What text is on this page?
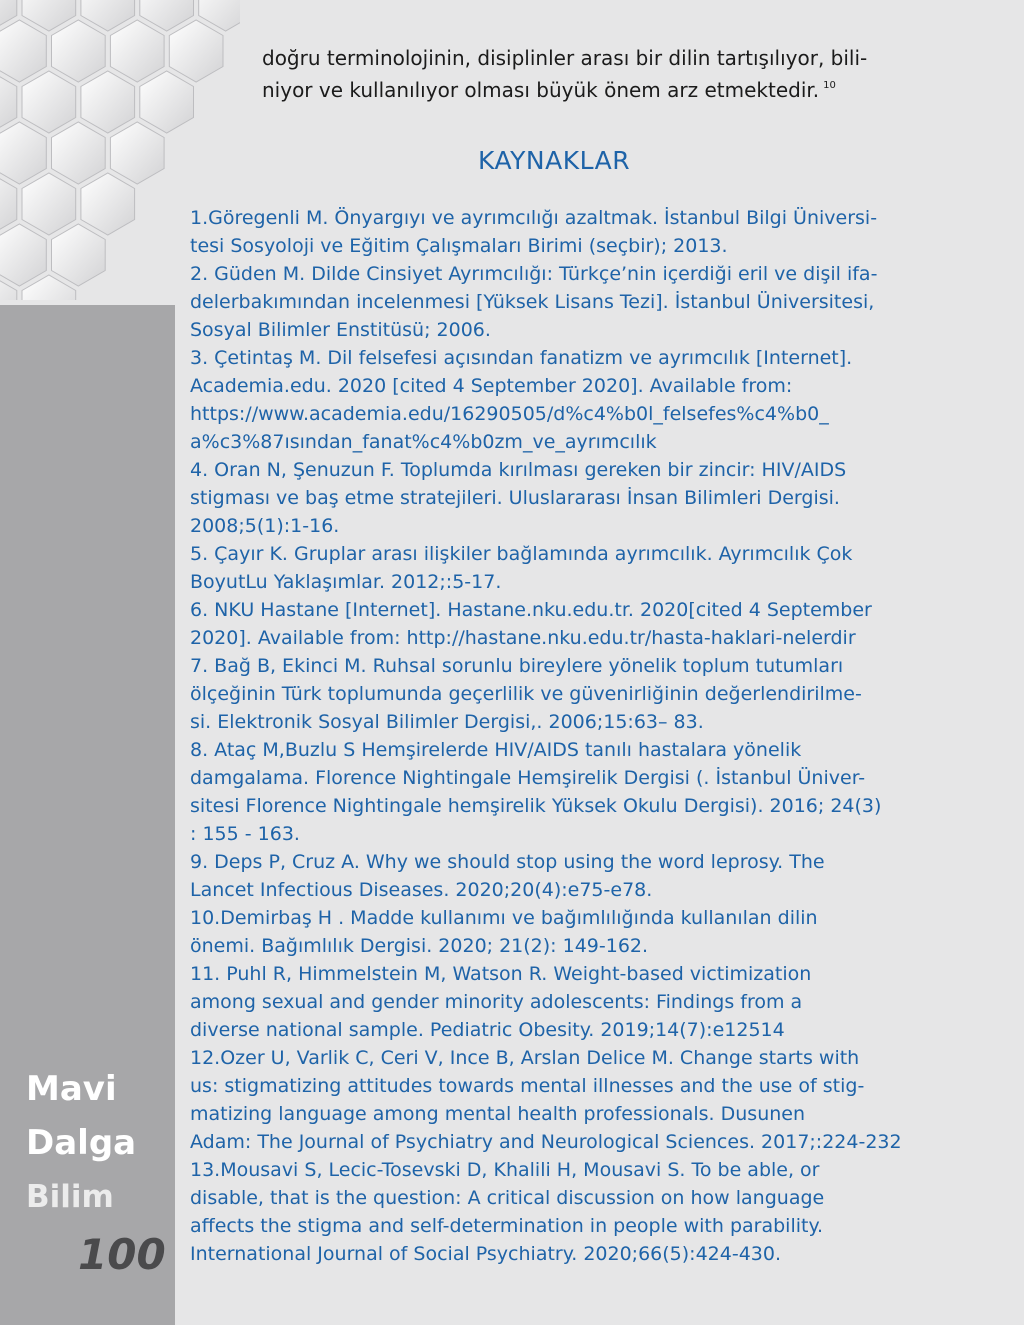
Mavi
Dalga
Bilim
100
doğru terminolojinin, disiplinler arası bir dilin tartışılıyor, bili-
niyor ve kullanılıyor olması büyük önem arz etmektedir. $^{10}$
KAYNAKLAR
1.Göregenli M. Önyargıyı ve ayrımcılığı azaltmak. İstanbul Bilgi Üniversi-
tesi Sosyoloji ve Eğitim Çalışmaları Birimi (seçbir); 2013.
2. Güden M. Dilde Cinsiyet Ayrımcılığı: Türkçe’nin içerdiği eril ve dişil ifa-
delerbakımından incelenmesi [Yüksek Lisans Tezi]. İstanbul Üniversitesi,
Sosyal Bilimler Enstitüsü; 2006.
3. Çetintaş M. Dil felsefesi açısından fanatizm ve ayrımcılık [Internet].
Academia.edu. 2020 [cited 4 September 2020]. Available from:
https://www.academia.edu/16290505/d%c4%b0l_felsefes%c4%b0_
a%c3%87ısından_fanat%c4%b0zm_ve_ayrımcılık
4. Oran N, Şenuzun F. Toplumda kırılması gereken bir zincir: HIV/AIDS
stigması ve baş etme stratejileri. Uluslararası İnsan Bilimleri Dergisi.
2008;5(1):1-16.
5. Çayır K. Gruplar arası ilişkiler bağlamında ayrımcılık. Ayrımcılık Çok
BoyutLu Yaklaşımlar. 2012;:5-17.
6. NKU Hastane [Internet]. Hastane.nku.edu.tr. 2020[cited 4 September
2020]. Available from: http://hastane.nku.edu.tr/hasta-haklari-nelerdir
7. Bağ B, Ekinci M. Ruhsal sorunlu bireylere yönelik toplum tutumları
ölçeğinin Türk toplumunda geçerlilik ve güvenirliğinin değerlendirilme-
si. Elektronik Sosyal Bilimler Dergisi,. 2006;15:63– 83.
8. Ataç M,Buzlu S Hemşirelerde HIV/AIDS tanılı hastalara yönelik
damgalama. Florence Nightingale Hemşirelik Dergisi (. İstanbul Üniver-
sitesi Florence Nightingale hemşirelik Yüksek Okulu Dergisi). 2016; 24(3)
: 155 - 163.
9. Deps P, Cruz A. Why we should stop using the word leprosy. The
Lancet Infectious Diseases. 2020;20(4):e75-e78.
10.Demirbaş H . Madde kullanımı ve bağımlılığında kullanılan dilin
önemi. Bağımlılık Dergisi. 2020; 21(2): 149-162.
11. Puhl R, Himmelstein M, Watson R. Weight-based victimization
among sexual and gender minority adolescents: Findings from a
diverse national sample. Pediatric Obesity. 2019;14(7):e12514
12.Ozer U, Varlik C, Ceri V, Ince B, Arslan Delice M. Change starts with
us: stigmatizing attitudes towards mental illnesses and the use of stig-
matizing language among mental health professionals. Dusunen
Adam: The Journal of Psychiatry and Neurological Sciences. 2017;:224-232
13.Mousavi S, Lecic-Tosevski D, Khalili H, Mousavi S. To be able, or
disable, that is the question: A critical discussion on how language
affects the stigma and self-determination in people with parability.
International Journal of Social Psychiatry. 2020;66(5):424-430.
